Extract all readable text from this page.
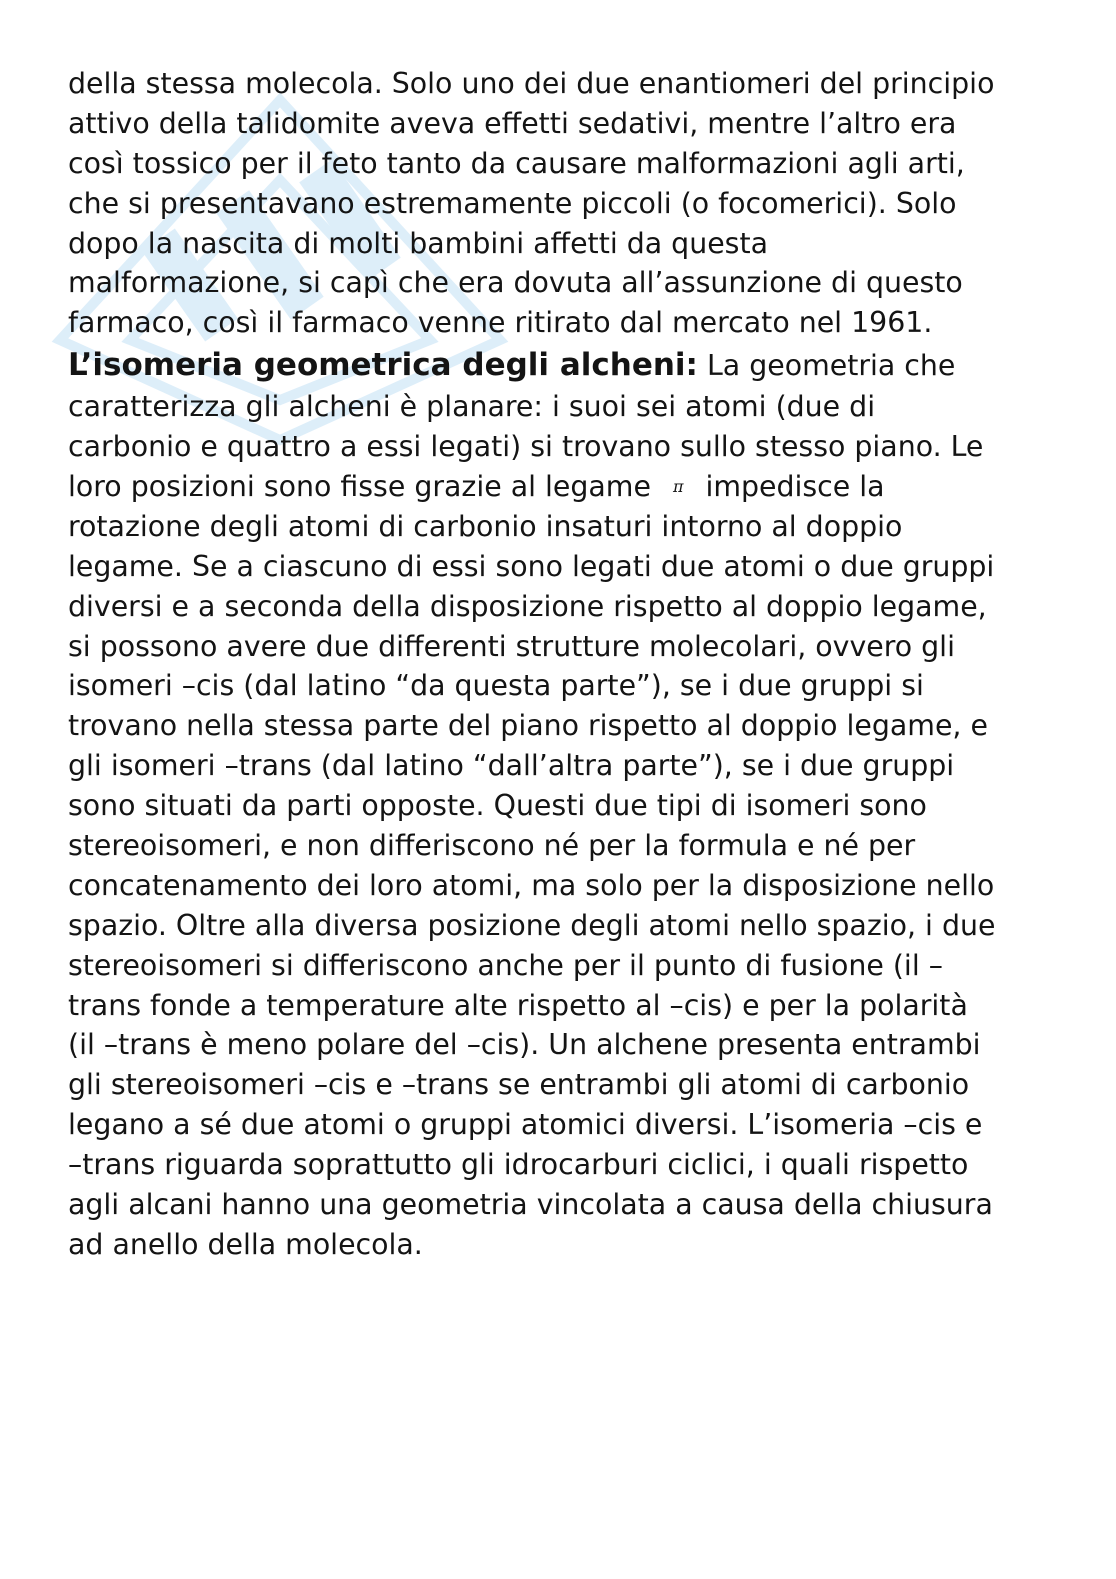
della stessa molecola. Solo uno dei due enantiomeri del principio
attivo della talidomite aveva effetti sedativi, mentre l’altro era
così tossico per il feto tanto da causare malformazioni agli arti,
che si presentavano estremamente piccoli (o focomerici). Solo
dopo la nascita di molti bambini affetti da questa
malformazione, si capì che era dovuta all’assunzione di questo
farmaco, così il farmaco venne ritirato dal mercato nel 1961.
L’isomeria geometrica degli alcheni: La geometria che
caratterizza gli alcheni è planare: i suoi sei atomi (due di
carbonio e quattro a essi legati) si trovano sullo stesso piano. Le
loro posizioni sono fisse grazie al legame π impedisce la
rotazione degli atomi di carbonio insaturi intorno al doppio
legame. Se a ciascuno di essi sono legati due atomi o due gruppi
diversi e a seconda della disposizione rispetto al doppio legame,
si possono avere due differenti strutture molecolari, ovvero gli
isomeri –cis (dal latino “da questa parte”), se i due gruppi si
trovano nella stessa parte del piano rispetto al doppio legame, e
gli isomeri –trans (dal latino “dall’altra parte”), se i due gruppi
sono situati da parti opposte. Questi due tipi di isomeri sono
stereoisomeri, e non differiscono né per la formula e né per
concatenamento dei loro atomi, ma solo per la disposizione nello
spazio. Oltre alla diversa posizione degli atomi nello spazio, i due
stereoisomeri si differiscono anche per il punto di fusione (il –
trans fonde a temperature alte rispetto al –cis) e per la polarità
(il –trans è meno polare del –cis). Un alchene presenta entrambi
gli stereoisomeri –cis e –trans se entrambi gli atomi di carbonio
legano a sé due atomi o gruppi atomici diversi. L’isomeria –cis e
–trans riguarda soprattutto gli idrocarburi ciclici, i quali rispetto
agli alcani hanno una geometria vincolata a causa della chiusura
ad anello della molecola.
